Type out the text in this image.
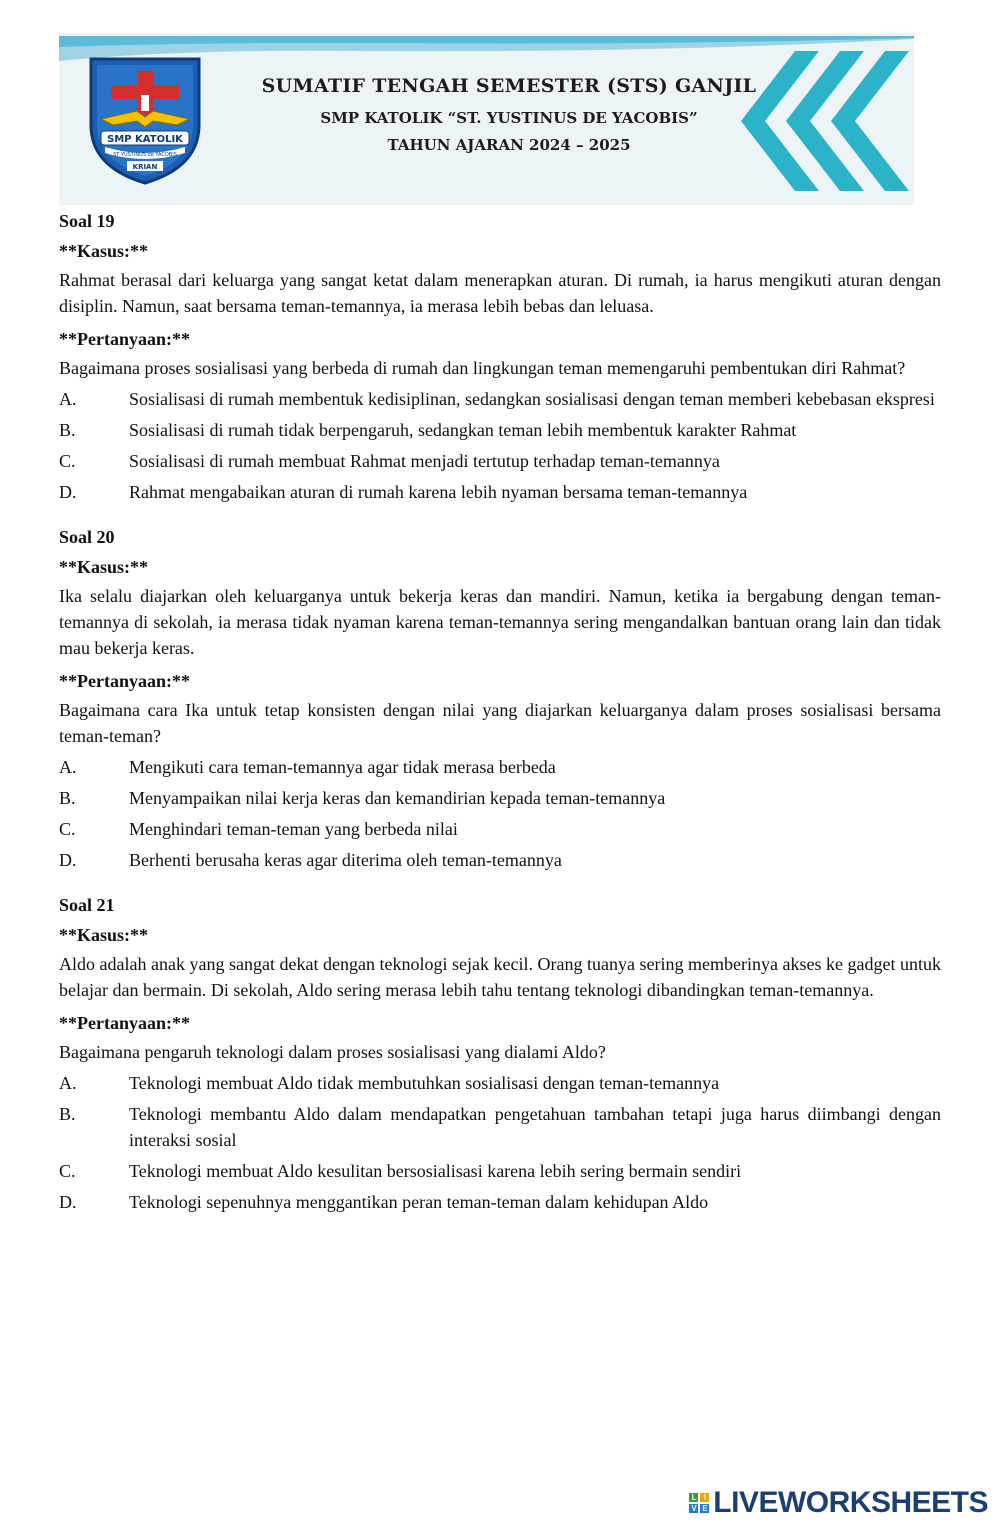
SMP KATOLIK
ST YUSTINUS de YACOBIS
KRIAN
SUMATIF TENGAH SEMESTER (STS) GANJIL
SMP KATOLIK “ST. YUSTINUS DE YACOBIS”
TAHUN AJARAN 2024 – 2025
Soal 19
**Kasus:**

Rahmat berasal dari keluarga yang sangat ketat dalam menerapkan aturan. Di rumah, ia harus mengikuti aturan dengan disiplin. Namun, saat bersama teman-temannya, ia merasa lebih bebas dan leluasa.

**Pertanyaan:**

Bagaimana proses sosialisasi yang berbeda di rumah dan lingkungan teman memengaruhi pembentukan diri Rahmat?

A.	Sosialisasi di rumah membentuk kedisiplinan, sedangkan sosialisasi dengan teman memberi kebebasan ekspresi
B.	Sosialisasi di rumah tidak berpengaruh, sedangkan teman lebih membentuk karakter Rahmat
C.	Sosialisasi di rumah membuat Rahmat menjadi tertutup terhadap teman-temannya
D.	Rahmat mengabaikan aturan di rumah karena lebih nyaman bersama teman-temannya
Soal 20
**Kasus:**

Ika selalu diajarkan oleh keluarganya untuk bekerja keras dan mandiri. Namun, ketika ia bergabung dengan teman-temannya di sekolah, ia merasa tidak nyaman karena teman-temannya sering mengandalkan bantuan orang lain dan tidak mau bekerja keras.

**Pertanyaan:**

Bagaimana cara Ika untuk tetap konsisten dengan nilai yang diajarkan keluarganya dalam proses sosialisasi bersama teman-teman?

A.	Mengikuti cara teman-temannya agar tidak merasa berbeda
B.	Menyampaikan nilai kerja keras dan kemandirian kepada teman-temannya
C.	Menghindari teman-teman yang berbeda nilai
D.	Berhenti berusaha keras agar diterima oleh teman-temannya
Soal 21
**Kasus:**

Aldo adalah anak yang sangat dekat dengan teknologi sejak kecil. Orang tuanya sering memberinya akses ke gadget untuk belajar dan bermain. Di sekolah, Aldo sering merasa lebih tahu tentang teknologi dibandingkan teman-temannya.

**Pertanyaan:**

Bagaimana pengaruh teknologi dalam proses sosialisasi yang dialami Aldo?

A.	Teknologi membuat Aldo tidak membutuhkan sosialisasi dengan teman-temannya
B.	Teknologi membantu Aldo dalam mendapatkan pengetahuan tambahan tetapi juga harus diimbangi dengan interaksi sosial
C.	Teknologi membuat Aldo kesulitan bersosialisasi karena lebih sering bermain sendiri
D.	Teknologi sepenuhnya menggantikan peran teman-teman dalam kehidupan Aldo
L I
V E LIVEWORKSHEETS
